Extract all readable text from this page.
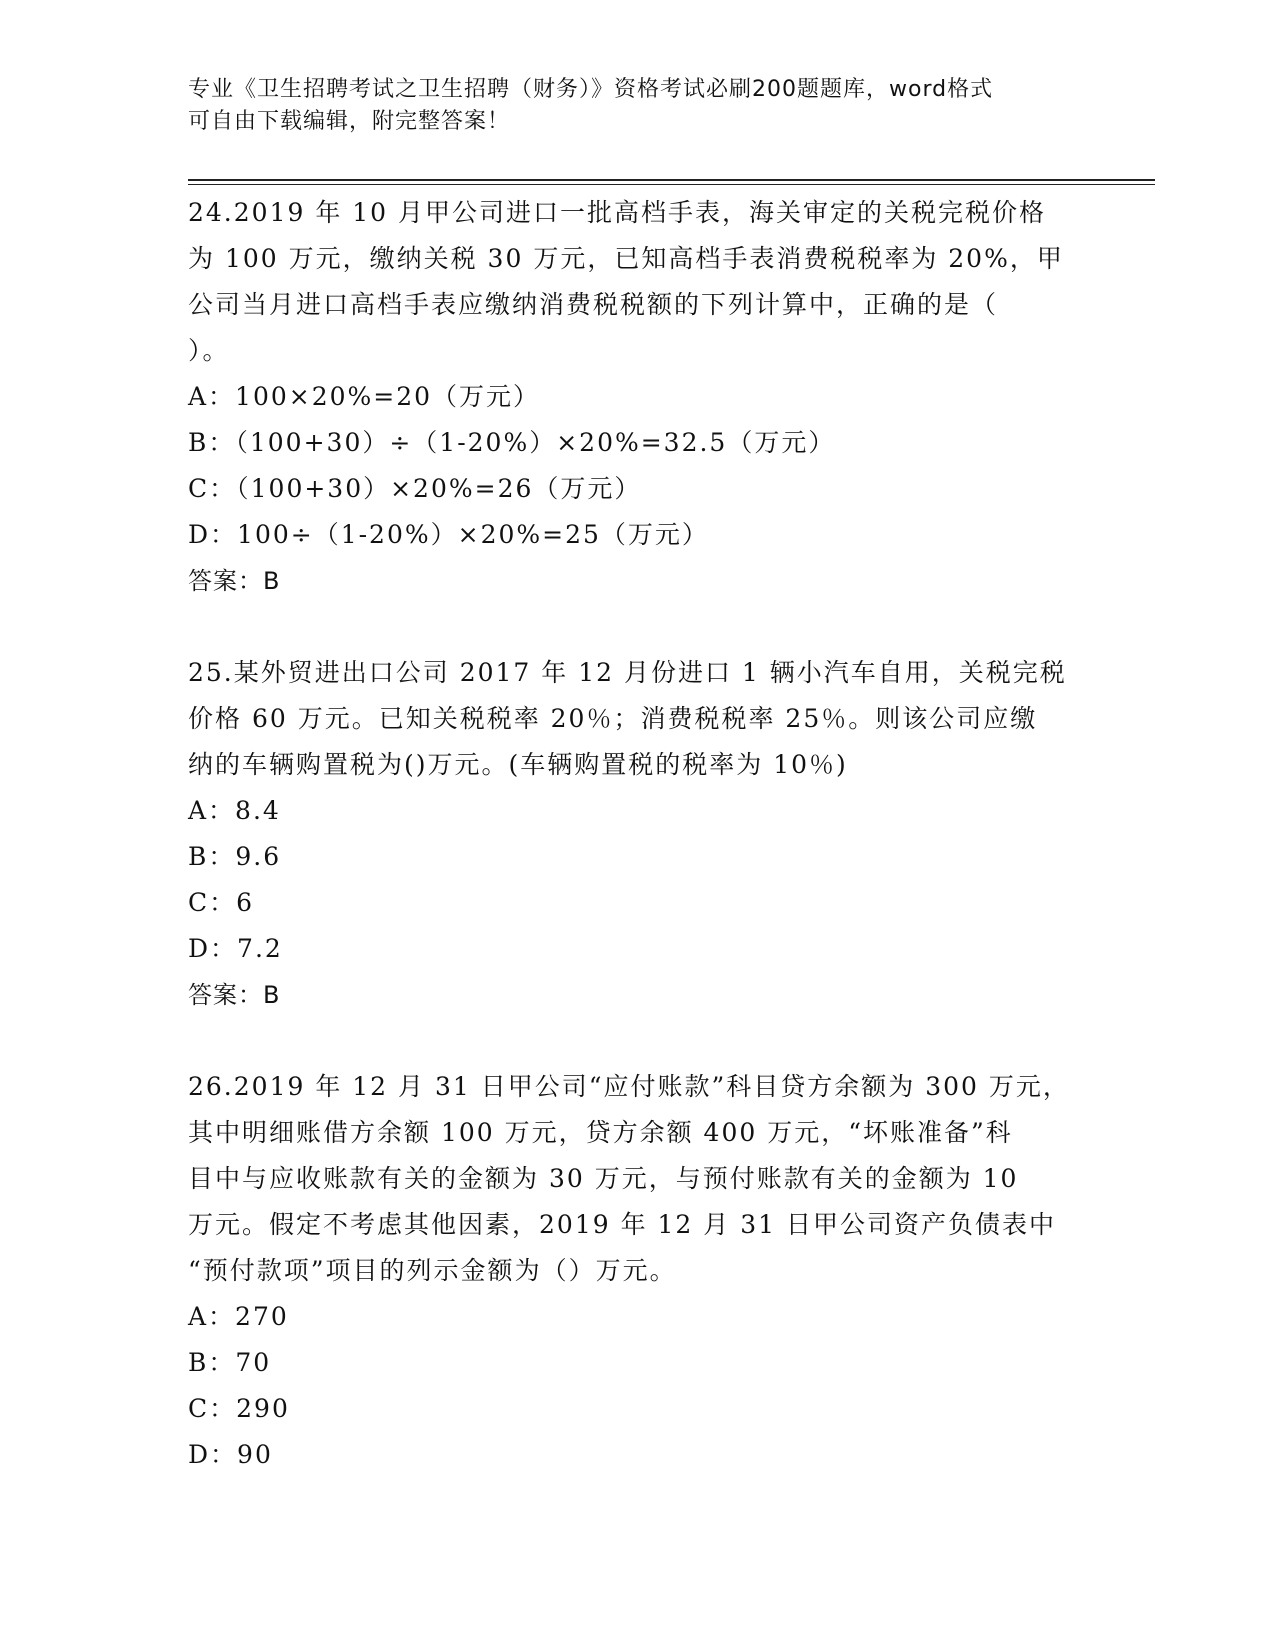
专业《卫生招聘考试之卫生招聘（财务）》资格考试必刷200题题库，word格式
可自由下载编辑，附完整答案！
24.2019 年 10 月甲公司进口一批高档手表，海关审定的关税完税价格
为 100 万元，缴纳关税 30 万元，已知高档手表消费税税率为 20%，甲
公司当月进口高档手表应缴纳消费税税额的下列计算中，正确的是（
）。
A：100×20%=20（万元）
B：（100+30）÷（1-20%）×20%=32.5（万元）
C：（100+30）×20%=26（万元）
D：100÷（1-20%）×20%=25（万元）
答案：B
25.某外贸进出口公司 2017 年 12 月份进口 1 辆小汽车自用，关税完税
价格 60 万元。已知关税税率 20％；消费税税率 25％。则该公司应缴
纳的车辆购置税为()万元。(车辆购置税的税率为 10％)
A：8.4
B：9.6
C：6
D：7.2
答案：B
26.2019 年 12 月 31 日甲公司“应付账款”科目贷方余额为 300 万元，
其中明细账借方余额 100 万元，贷方余额 400 万元，“坏账准备”科
目中与应收账款有关的金额为 30 万元，与预付账款有关的金额为 10
万元。假定不考虑其他因素，2019 年 12 月 31 日甲公司资产负债表中
“预付款项”项目的列示金额为（）万元。
A：270
B：70
C：290
D：90
